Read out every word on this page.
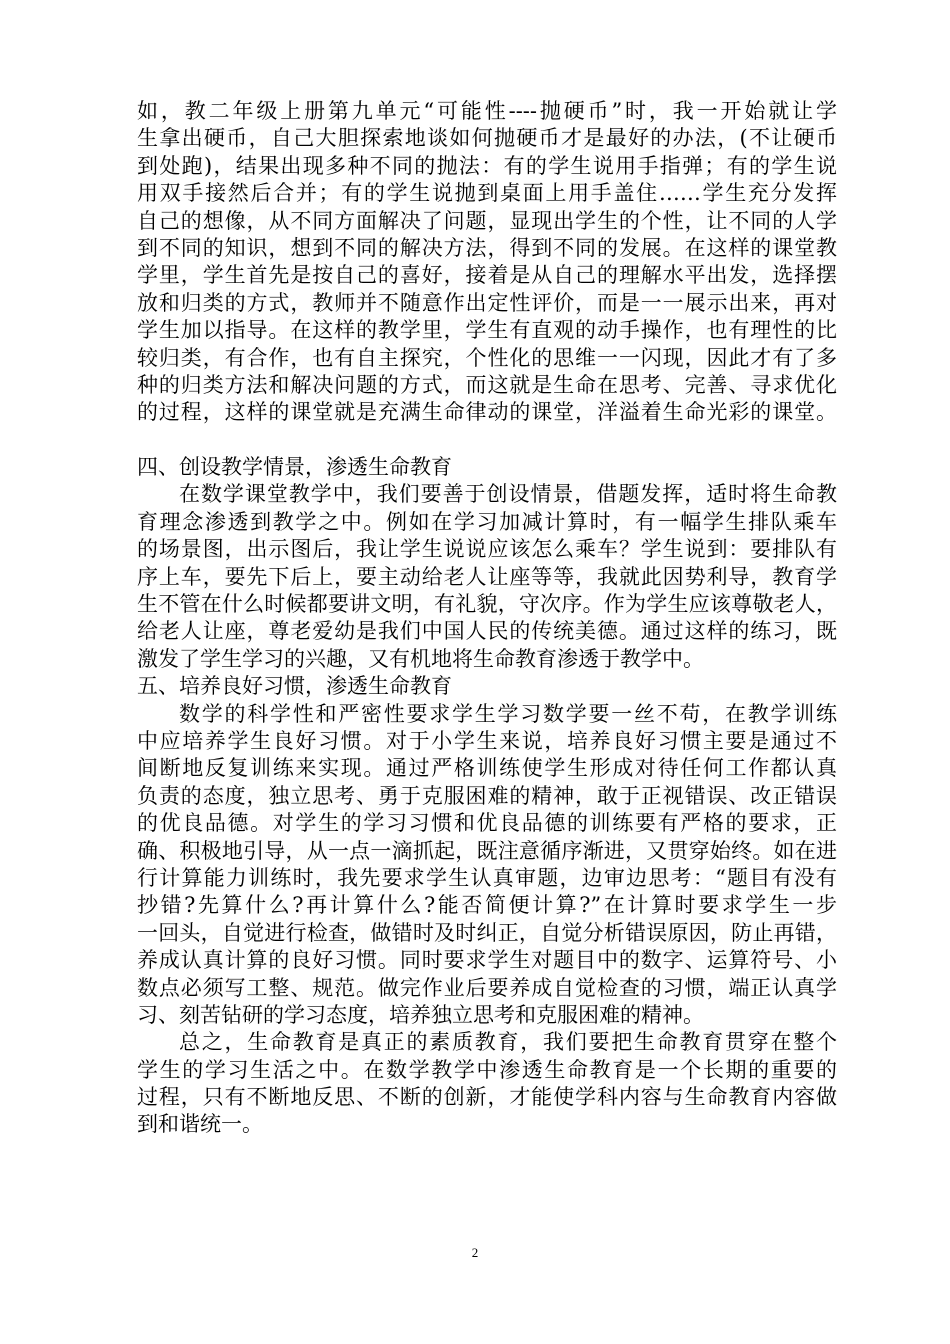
如，教二年级上册第九单元“可能性----抛硬币”时，我一开始就让学
生拿出硬币，自己大胆探索地谈如何抛硬币才是最好的办法，(不让硬币
到处跑)，结果出现多种不同的抛法：有的学生说用手指弹；有的学生说
用双手接然后合并；有的学生说抛到桌面上用手盖住……学生充分发挥
自己的想像，从不同方面解决了问题，显现出学生的个性，让不同的人学
到不同的知识，想到不同的解决方法，得到不同的发展。在这样的课堂教
学里，学生首先是按自己的喜好，接着是从自己的理解水平出发，选择摆
放和归类的方式，教师并不随意作出定性评价，而是一一展示出来，再对
学生加以指导。在这样的教学里，学生有直观的动手操作，也有理性的比
较归类，有合作，也有自主探究，个性化的思维一一闪现，因此才有了多
种的归类方法和解决问题的方式，而这就是生命在思考、完善、寻求优化
的过程，这样的课堂就是充满生命律动的课堂，洋溢着生命光彩的课堂。
四、创设教学情景，渗透生命教育
在数学课堂教学中，我们要善于创设情景，借题发挥，适时将生命教
育理念渗透到教学之中。例如在学习加减计算时，有一幅学生排队乘车
的场景图，出示图后，我让学生说说应该怎么乘车？学生说到：要排队有
序上车，要先下后上，要主动给老人让座等等，我就此因势利导，教育学
生不管在什么时候都要讲文明，有礼貌，守次序。作为学生应该尊敬老人，
给老人让座，尊老爱幼是我们中国人民的传统美德。通过这样的练习，既
激发了学生学习的兴趣，又有机地将生命教育渗透于教学中。
五、培养良好习惯，渗透生命教育
数学的科学性和严密性要求学生学习数学要一丝不苟，在教学训练
中应培养学生良好习惯。对于小学生来说，培养良好习惯主要是通过不
间断地反复训练来实现。通过严格训练使学生形成对待任何工作都认真
负责的态度，独立思考、勇于克服困难的精神，敢于正视错误、改正错误
的优良品德。对学生的学习习惯和优良品德的训练要有严格的要求，正
确、积极地引导，从一点一滴抓起，既注意循序渐进，又贯穿始终。如在进
行计算能力训练时，我先要求学生认真审题，边审边思考：“题目有没有
抄错?先算什么?再计算什么?能否简便计算?”在计算时要求学生一步
一回头，自觉进行检查，做错时及时纠正，自觉分析错误原因，防止再错，
养成认真计算的良好习惯。同时要求学生对题目中的数字、运算符号、小
数点必须写工整、规范。做完作业后要养成自觉检查的习惯，端正认真学
习、刻苦钻研的学习态度，培养独立思考和克服困难的精神。
总之，生命教育是真正的素质教育，我们要把生命教育贯穿在整个
学生的学习生活之中。在数学教学中渗透生命教育是一个长期的重要的
过程，只有不断地反思、不断的创新，才能使学科内容与生命教育内容做
到和谐统一。
2
